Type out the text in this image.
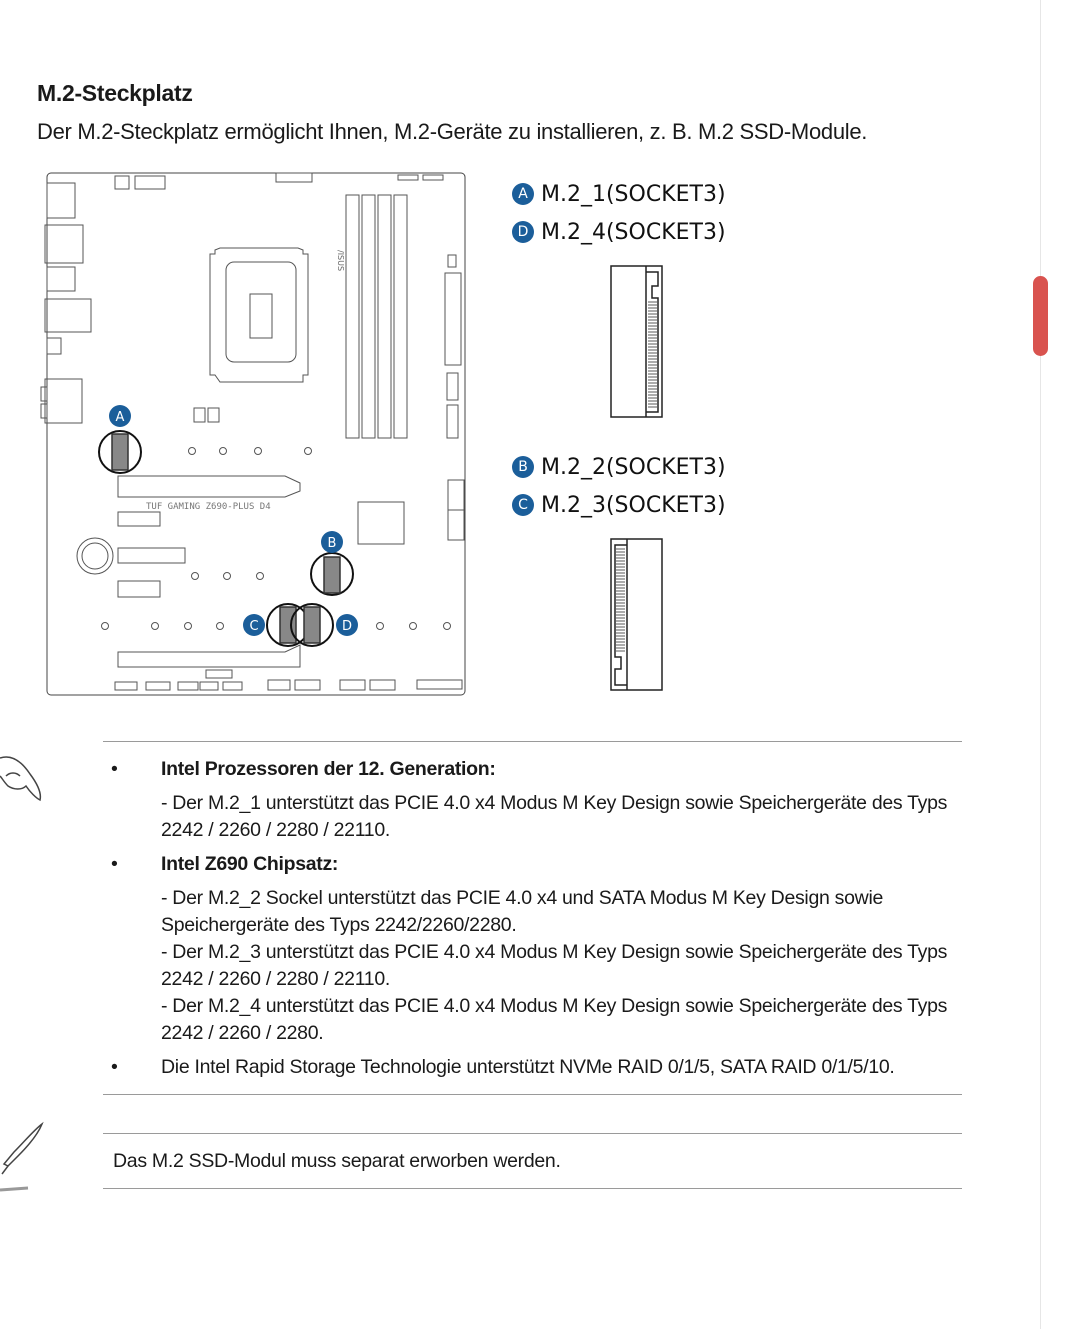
M.2-Steckplatz
Der M.2-Steckplatz ermöglicht Ihnen, M.2-Geräte zu installieren, z. B. M.2 SSD-Module.
/ISUS
TUF GAMING Z690-PLUS D4
A
B
C	D
A M.2_1(SOCKET3)
D M.2_4(SOCKET3)
B M.2_2(SOCKET3)
C M.2_3(SOCKET3)
• Intel Prozessoren der 12. Generation:
- Der M.2_1 unterstützt das PCIE 4.0 x4 Modus M Key Design sowie Speichergeräte des Typs 2242 / 2260 / 2280 / 22110.
• Intel Z690 Chipsatz:
- Der M.2_2 Sockel unterstützt das PCIE 4.0 x4 und SATA Modus M Key Design sowie Speichergeräte des Typs 2242/2260/2280.
- Der M.2_3 unterstützt das PCIE 4.0 x4 Modus M Key Design sowie Speichergeräte des Typs 2242 / 2260 / 2280 / 22110.
- Der M.2_4 unterstützt das PCIE 4.0 x4 Modus M Key Design sowie Speichergeräte des Typs 2242 / 2260 / 2280.
• Die Intel Rapid Storage Technologie unterstützt NVMe RAID 0/1/5, SATA RAID 0/1/5/10.
Das M.2 SSD-Modul muss separat erworben werden.
